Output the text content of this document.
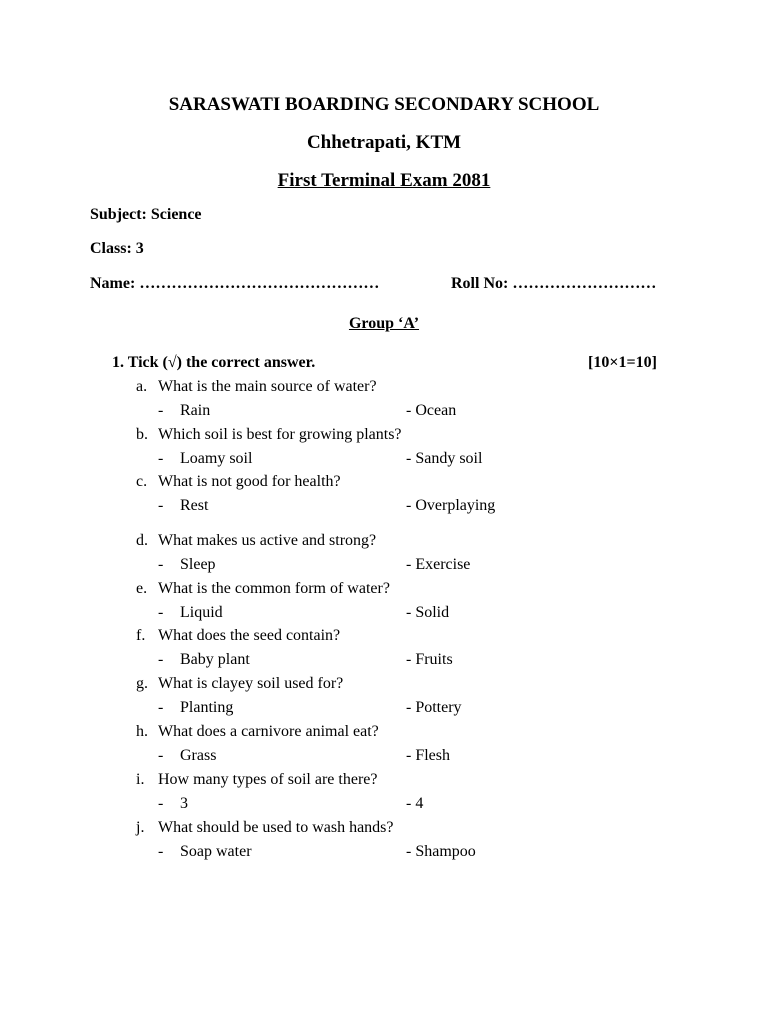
SARASWATI BOARDING SECONDARY SCHOOL
Chhetrapati, KTM
First Terminal Exam 2081
Subject: Science
Class: 3
Name: ………………………………………	Roll No: ………………………
Group ‘A’
1. Tick (√) the correct answer.	[10×1=10]
a. What is the main source of water?
- Rain	- Ocean
b. Which soil is best for growing plants?
- Loamy soil	- Sandy soil
c. What is not good for health?
- Rest	- Overplaying
d. What makes us active and strong?
- Sleep	- Exercise
e. What is the common form of water?
- Liquid	- Solid
f. What does the seed contain?
- Baby plant	- Fruits
g. What is clayey soil used for?
- Planting	- Pottery
h. What does a carnivore animal eat?
- Grass	- Flesh
i. How many types of soil are there?
- 3	- 4
j. What should be used to wash hands?
- Soap water	- Shampoo
